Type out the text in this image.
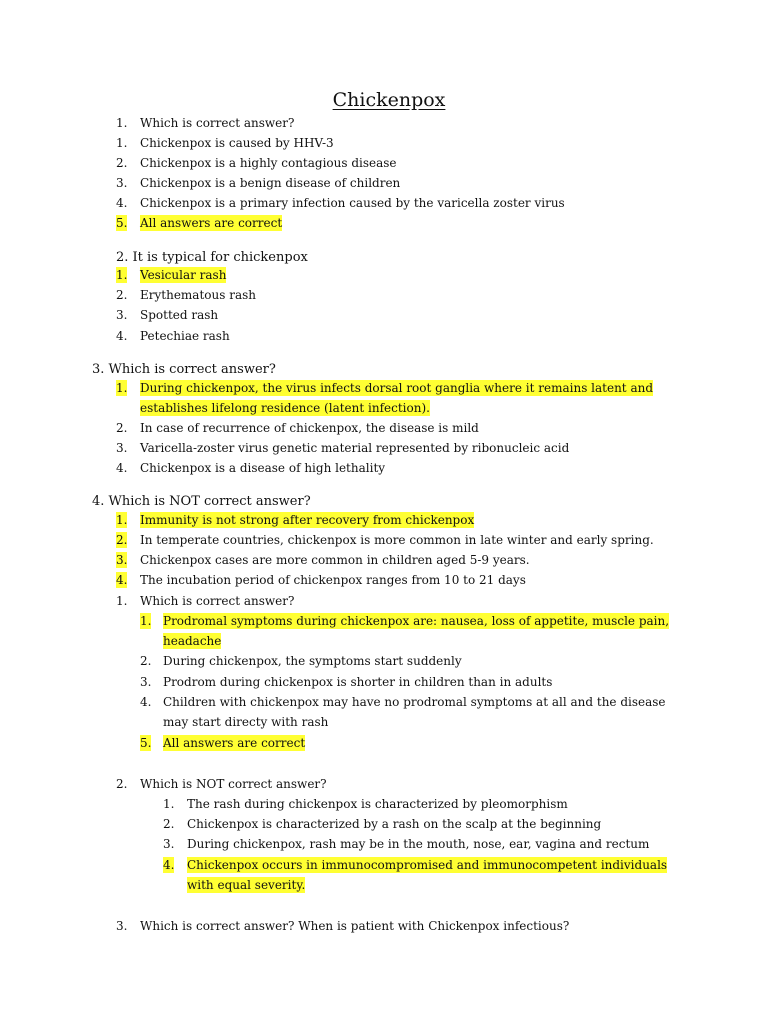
Chickenpox
1. Which is correct answer?
1. Chickenpox is caused by HHV-3
2. Chickenpox is a highly contagious disease
3. Chickenpox is a benign disease of children
4. Chickenpox is a primary infection caused by the varicella zoster virus
5. All answers are correct
2. It is typical for chickenpox
1. Vesicular rash
2. Erythematous rash
3. Spotted rash
4. Petechiae rash
3. Which is correct answer?
1. During chickenpox, the virus infects dorsal root ganglia where it remains latent and
establishes lifelong residence (latent infection).
2. In case of recurrence of chickenpox, the disease is mild
3. Varicella-zoster virus genetic material represented by ribonucleic acid
4. Chickenpox is a disease of high lethality
4. Which is NOT correct answer?
1. Immunity is not strong after recovery from chickenpox
2. In temperate countries, chickenpox is more common in late winter and early spring.
3. Chickenpox cases are more common in children aged 5-9 years.
4. The incubation period of chickenpox ranges from 10 to 21 days
1. Which is correct answer?
1. Prodromal symptoms during chickenpox are: nausea, loss of appetite, muscle pain,
headache
2. During chickenpox, the symptoms start suddenly
3. Prodrom during chickenpox is shorter in children than in adults
4. Children with chickenpox may have no prodromal symptoms at all and the disease
may start directy with rash
5. All answers are correct
2. Which is NOT correct answer?
1. The rash during chickenpox is characterized by pleomorphism
2. Chickenpox is characterized by a rash on the scalp at the beginning
3. During chickenpox, rash may be in the mouth, nose, ear, vagina and rectum
4. Chickenpox occurs in immunocompromised and immunocompetent individuals
with equal severity.
3. Which is correct answer? When is patient with Chickenpox infectious?
